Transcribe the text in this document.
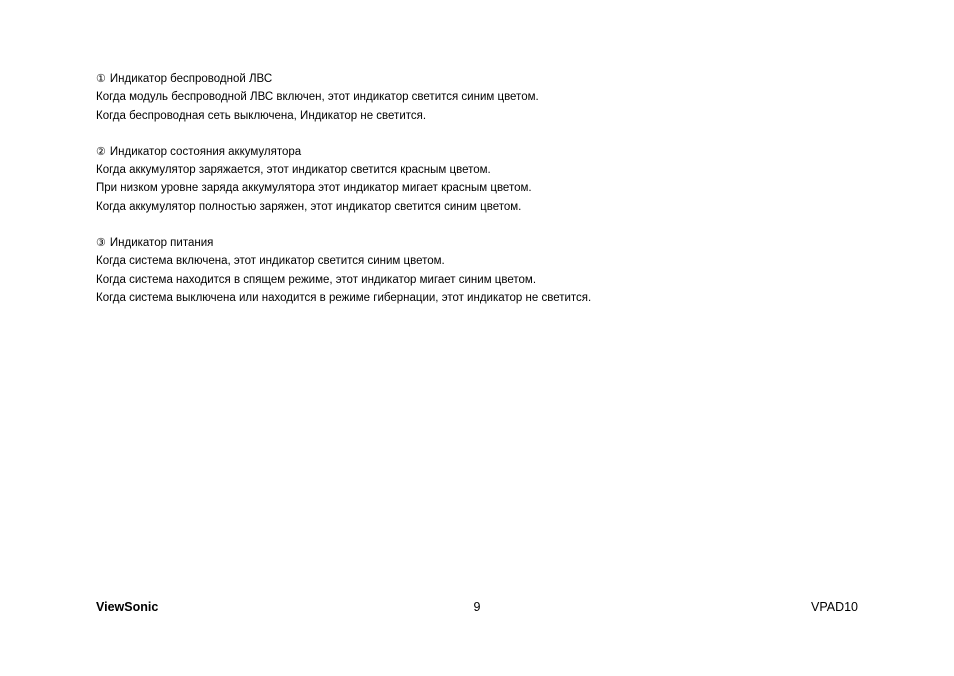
① Индикатор беспроводной ЛВС

Когда модуль беспроводной ЛВС включен, этот индикатор светится синим цветом.

Когда беспроводная сеть выключена, Индикатор не светится.

② Индикатор состояния аккумулятора

Когда аккумулятор заряжается, этот индикатор светится красным цветом.

При низком уровне заряда аккумулятора этот индикатор мигает красным цветом.

Когда аккумулятор полностью заряжен, этот индикатор светится синим цветом.

③ Индикатор питания

Когда система включена, этот индикатор светится синим цветом.

Когда система находится в спящем режиме, этот индикатор мигает синим цветом.

Когда система выключена или находится в режиме гибернации, этот индикатор не светится.

ViewSonic	9	VPAD10
